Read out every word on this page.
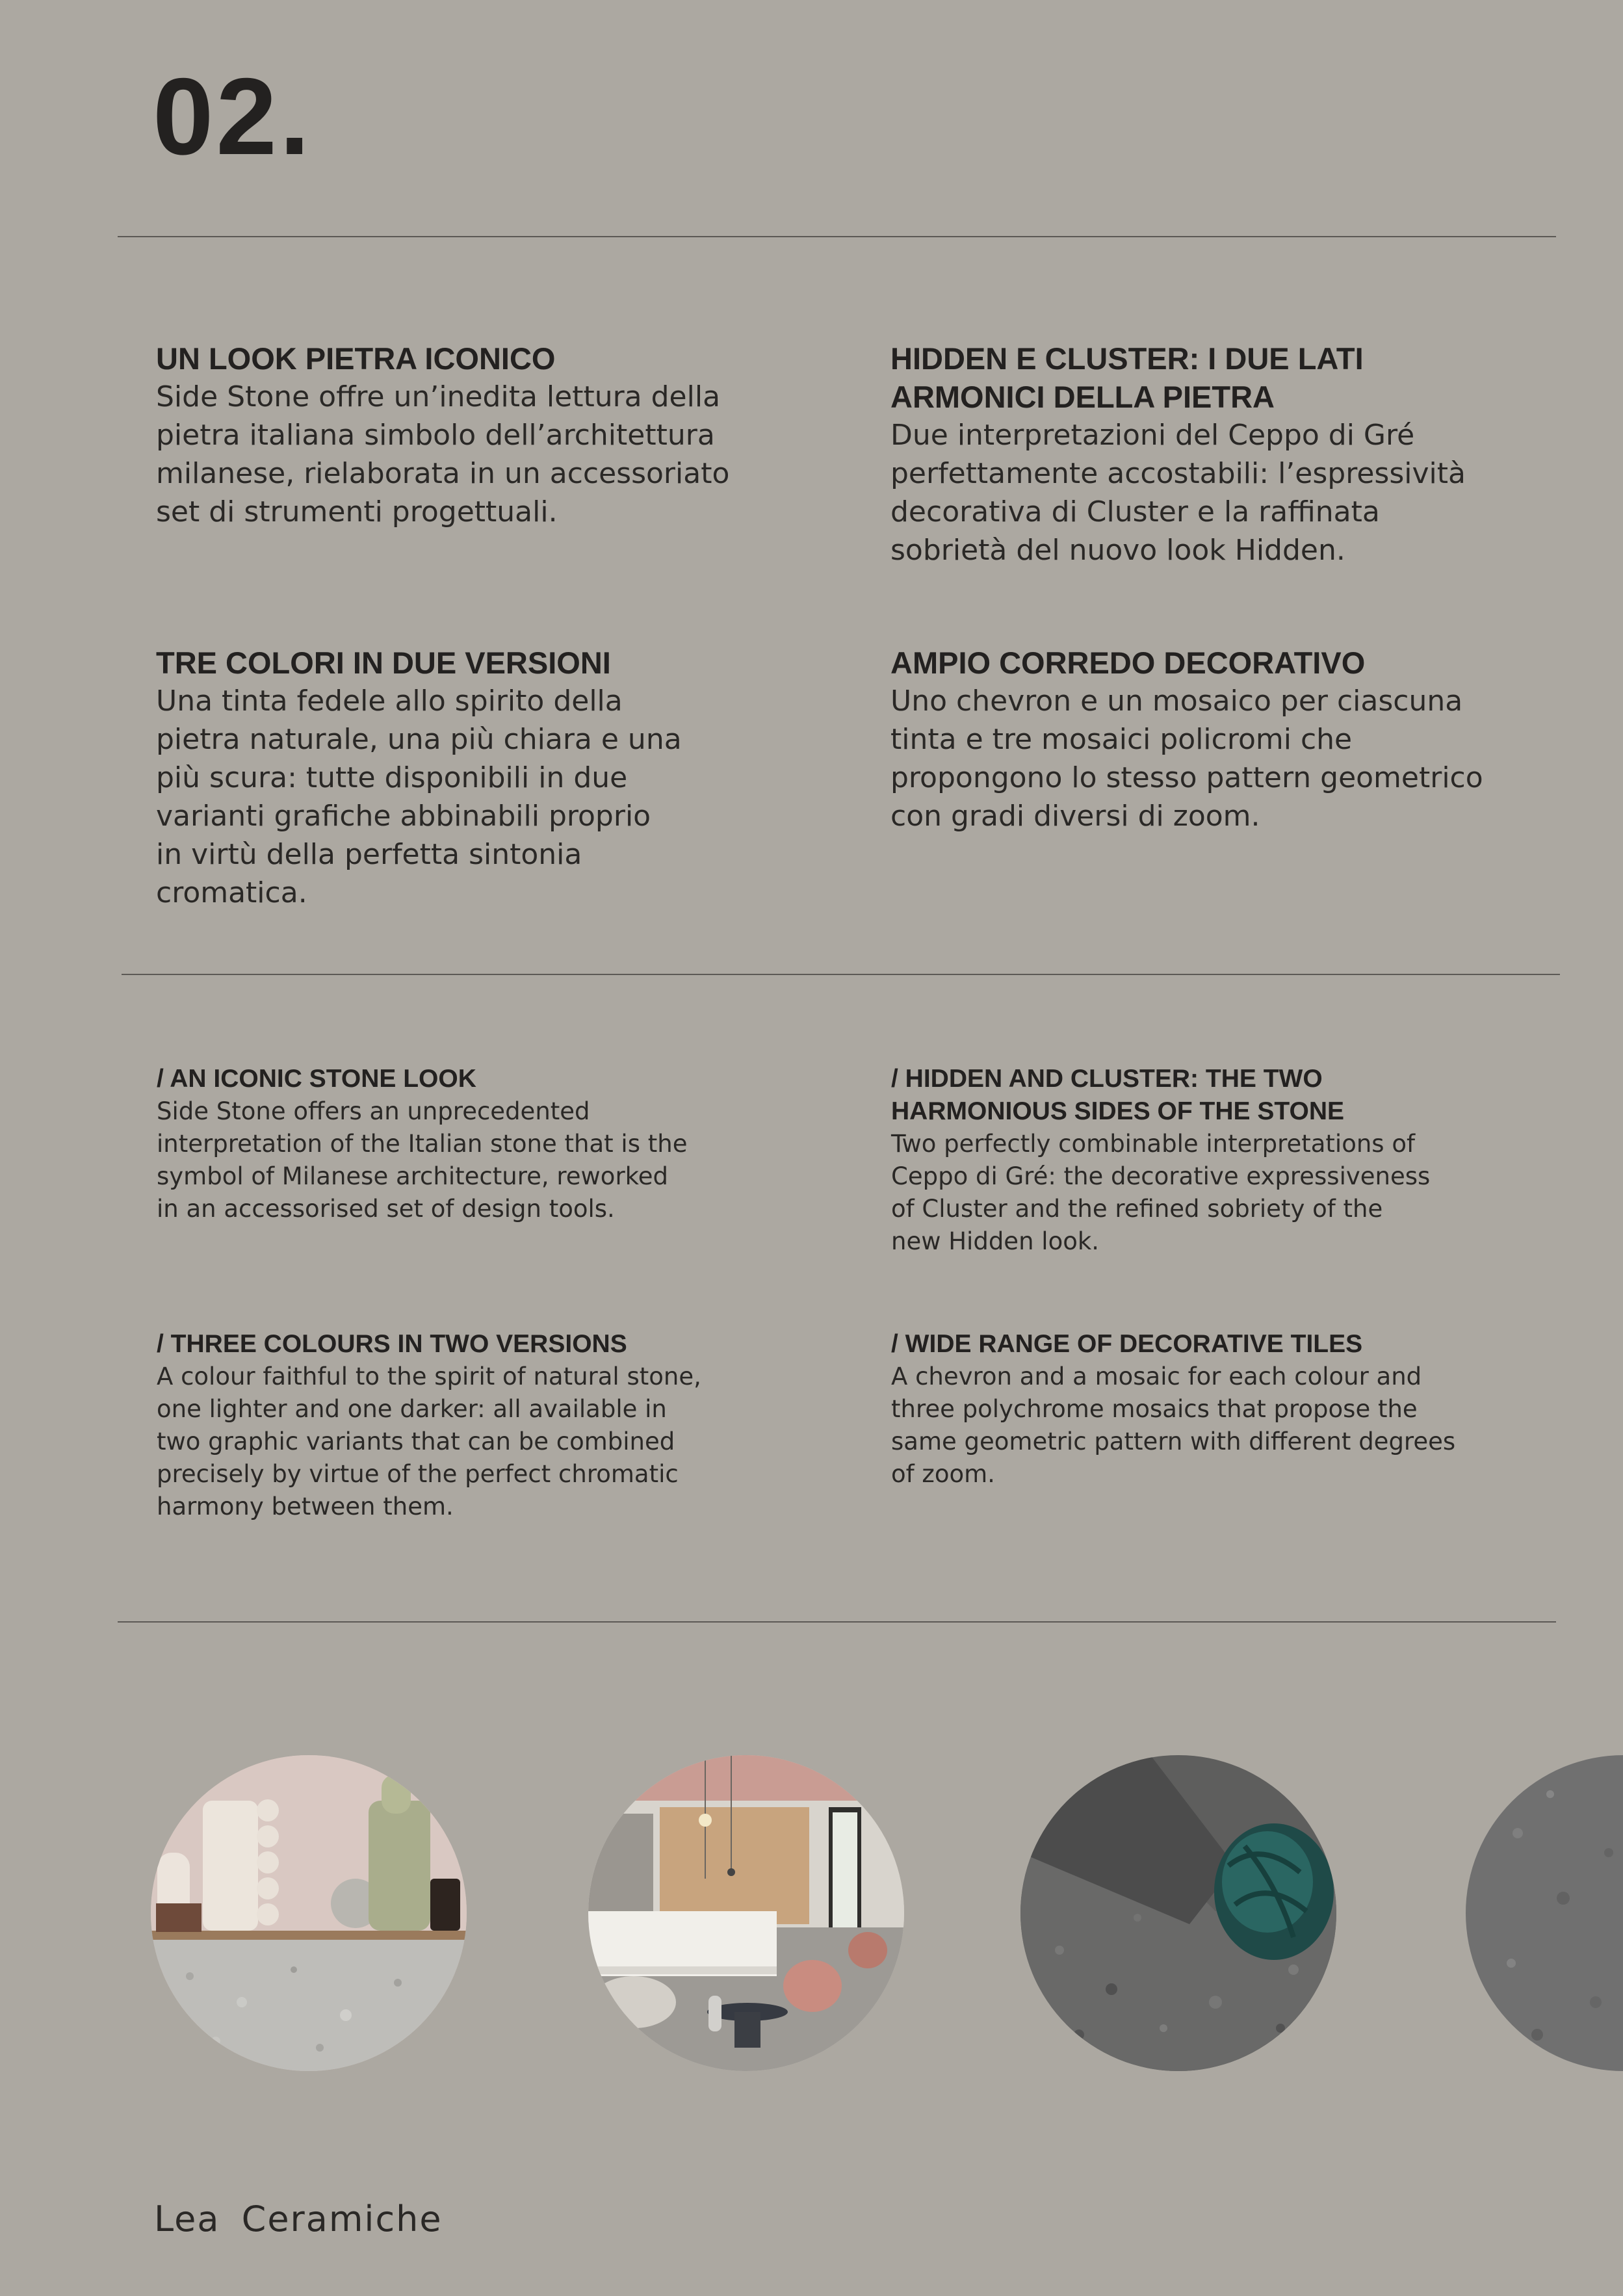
02.
UN LOOK PIETRA ICONICO
Side Stone offre un’inedita lettura della
pietra italiana simbolo dell’architettura
milanese, rielaborata in un accessoriato
set di strumenti progettuali.
HIDDEN E CLUSTER: I DUE LATI
ARMONICI DELLA PIETRA
Due interpretazioni del Ceppo di Gré
perfettamente accostabili: l’espressività
decorativa di Cluster e la raffinata
sobrietà del nuovo look Hidden.
TRE COLORI IN DUE VERSIONI
Una tinta fedele allo spirito della
pietra naturale, una più chiara e una
più scura: tutte disponibili in due
varianti grafiche abbinabili proprio
in virtù della perfetta sintonia
cromatica.
AMPIO CORREDO DECORATIVO
Uno chevron e un mosaico per ciascuna
tinta e tre mosaici policromi che
propongono lo stesso pattern geometrico
con gradi diversi di zoom.
/ AN ICONIC STONE LOOK
Side Stone offers an unprecedented
interpretation of the Italian stone that is the
symbol of Milanese architecture, reworked
in an accessorised set of design tools.
/ HIDDEN AND CLUSTER: THE TWO
HARMONIOUS SIDES OF THE STONE
Two perfectly combinable interpretations of
Ceppo di Gré: the decorative expressiveness
of Cluster and the refined sobriety of the
new Hidden look.
/ THREE COLOURS IN TWO VERSIONS
A colour faithful to the spirit of natural stone,
one lighter and one darker: all available in
two graphic variants that can be combined
precisely by virtue of the perfect chromatic
harmony between them.
/ WIDE RANGE OF DECORATIVE TILES
A chevron and a mosaic for each colour and
three polychrome mosaics that propose the
same geometric pattern with different degrees
of zoom.
Lea Ceramiche
